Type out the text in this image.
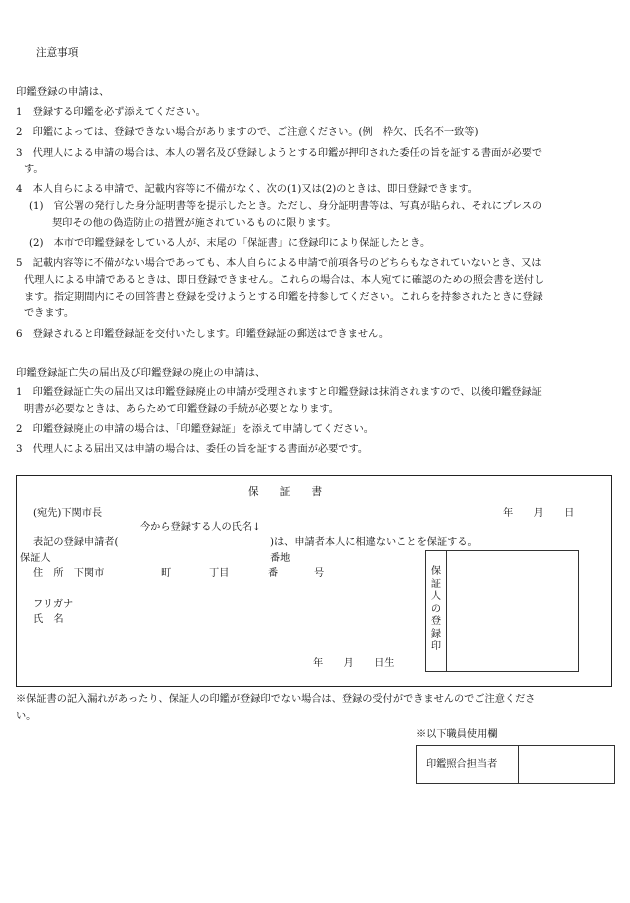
注意事項
印鑑登録の申請は、
1　登録する印鑑を必ず添えてください。
2　印鑑によっては、登録できない場合がありますので、ご注意ください。(例　枠欠、氏名不一致等)
3　代理人による申請の場合は、本人の署名及び登録しようとする印鑑が押印された委任の旨を証する書面が必要で
す。
4　本人自らによる申請で、記載内容等に不備がなく、次の(1)又は(2)のときは、即日登録できます。
(1)　官公署の発行した身分証明書等を提示したとき。ただし、身分証明書等は、写真が貼られ、それにプレスの
契印その他の偽造防止の措置が施されているものに限ります。
(2)　本市で印鑑登録をしている人が、末尾の「保証書」に登録印により保証したとき。
5　記載内容等に不備がない場合であっても、本人自らによる申請で前項各号のどちらもなされていないとき、又は
代理人による申請であるときは、即日登録できません。これらの場合は、本人宛てに確認のための照会書を送付し
ます。指定期間内にその回答書と登録を受けようとする印鑑を持参してください。これらを持参されたときに登録
できます。
6　登録されると印鑑登録証を交付いたします。印鑑登録証の郵送はできません。
印鑑登録証亡失の届出及び印鑑登録の廃止の申請は、
1　印鑑登録証亡失の届出又は印鑑登録廃止の申請が受理されますと印鑑登録は抹消されますので、以後印鑑登録証
明書が必要なときは、あらためて印鑑登録の手続が必要となります。
2　印鑑登録廃止の申請の場合は、「印鑑登録証」を添えて申請してください。
3　代理人による届出又は申請の場合は、委任の旨を証する書面が必要です。
保　　証　　書
(宛先)下関市長	年　　月　　日
今から登録する人の氏名↓
表記の登録申請者(	)は、申請者本人に相違ないことを保証する。
保証人	番地
住　所　下関市	町	丁目	番	号
フリガナ
氏　名
年　　月　　日生
保証人の登録印
※保証書の記入漏れがあったり、保証人の印鑑が登録印でない場合は、登録の受付ができませんのでご注意くださ
い。
※以下職員使用欄
印鑑照合担当者
